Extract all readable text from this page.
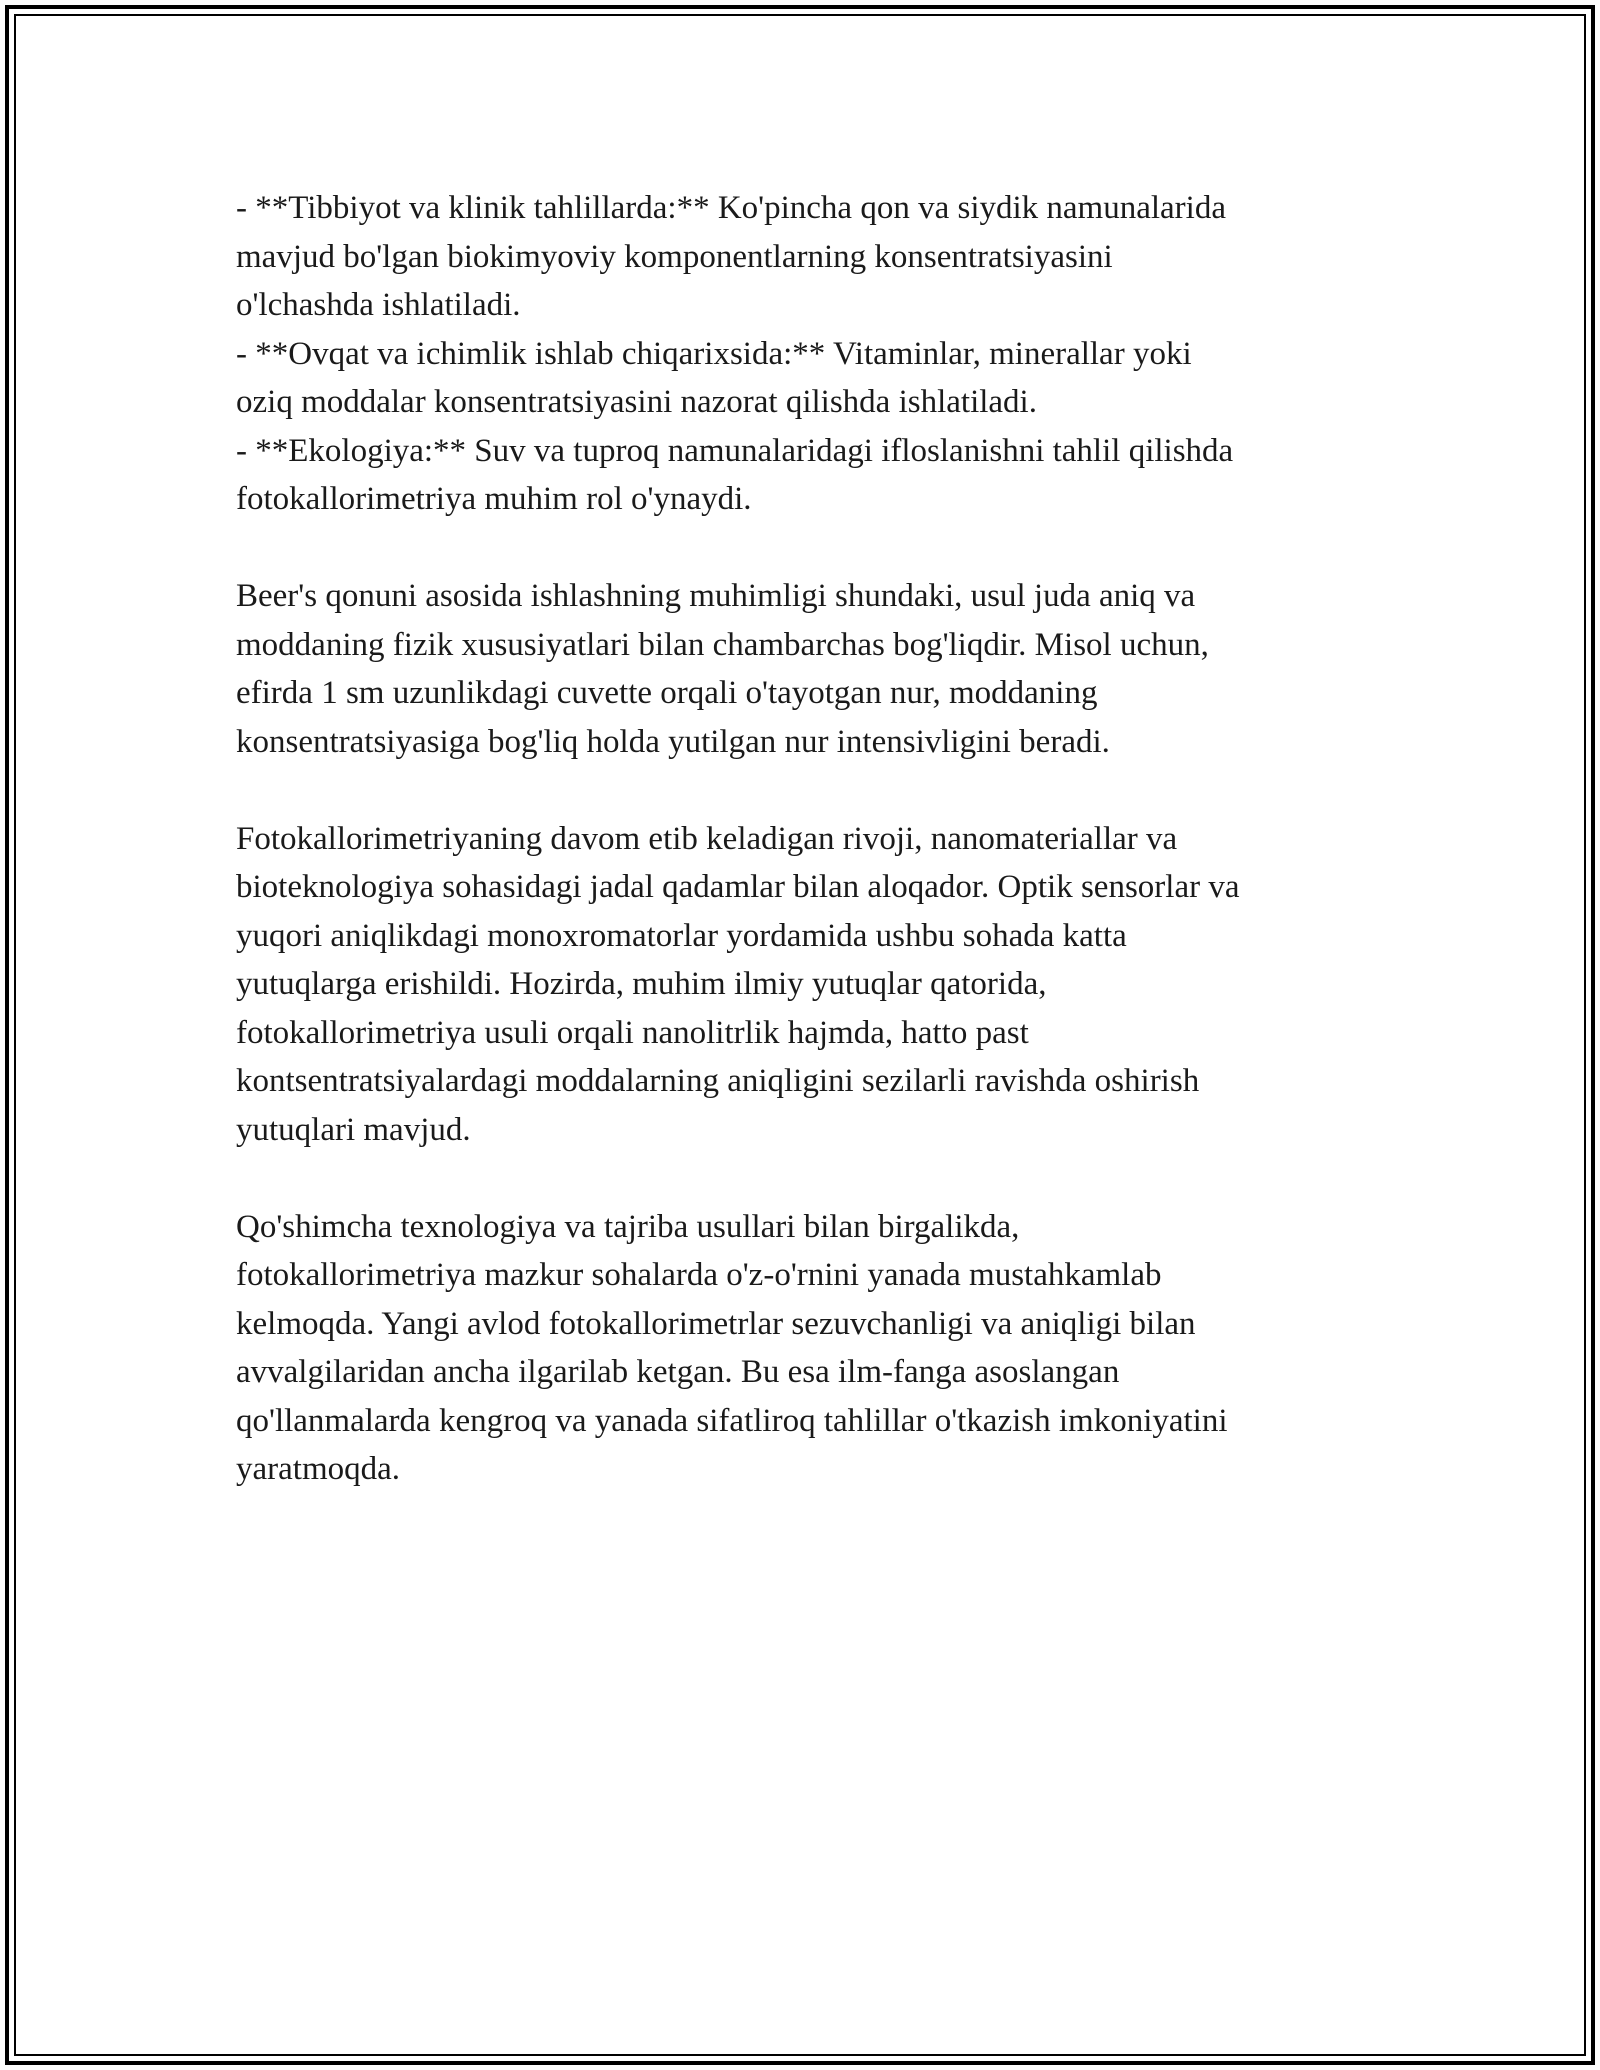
- **Tibbiyot va klinik tahlillarda:** Ko'pincha qon va siydik namunalarida
mavjud bo'lgan biokimyoviy komponentlarning konsentratsiyasini
o'lchashda ishlatiladi.
- **Ovqat va ichimlik ishlab chiqarixsida:** Vitaminlar, minerallar yoki
oziq moddalar konsentratsiyasini nazorat qilishda ishlatiladi.
- **Ekologiya:** Suv va tuproq namunalaridagi ifloslanishni tahlil qilishda
fotokallorimetriya muhim rol o'ynaydi.
Beer's qonuni asosida ishlashning muhimligi shundaki, usul juda aniq va
moddaning fizik xususiyatlari bilan chambarchas bog'liqdir. Misol uchun,
efirda 1 sm uzunlikdagi cuvette orqali o'tayotgan nur, moddaning
konsentratsiyasiga bog'liq holda yutilgan nur intensivligini beradi.
Fotokallorimetriyaning davom etib keladigan rivoji, nanomateriallar va
bioteknologiya sohasidagi jadal qadamlar bilan aloqador. Optik sensorlar va
yuqori aniqlikdagi monoxromatorlar yordamida ushbu sohada katta
yutuqlarga erishildi. Hozirda, muhim ilmiy yutuqlar qatorida,
fotokallorimetriya usuli orqali nanolitrlik hajmda, hatto past
kontsentratsiyalardagi moddalarning aniqligini sezilarli ravishda oshirish
yutuqlari mavjud.
Qo'shimcha texnologiya va tajriba usullari bilan birgalikda,
fotokallorimetriya mazkur sohalarda o'z-o'rnini yanada mustahkamlab
kelmoqda. Yangi avlod fotokallorimetrlar sezuvchanligi va aniqligi bilan
avvalgilaridan ancha ilgarilab ketgan. Bu esa ilm-fanga asoslangan
qo'llanmalarda kengroq va yanada sifatliroq tahlillar o'tkazish imkoniyatini
yaratmoqda.
